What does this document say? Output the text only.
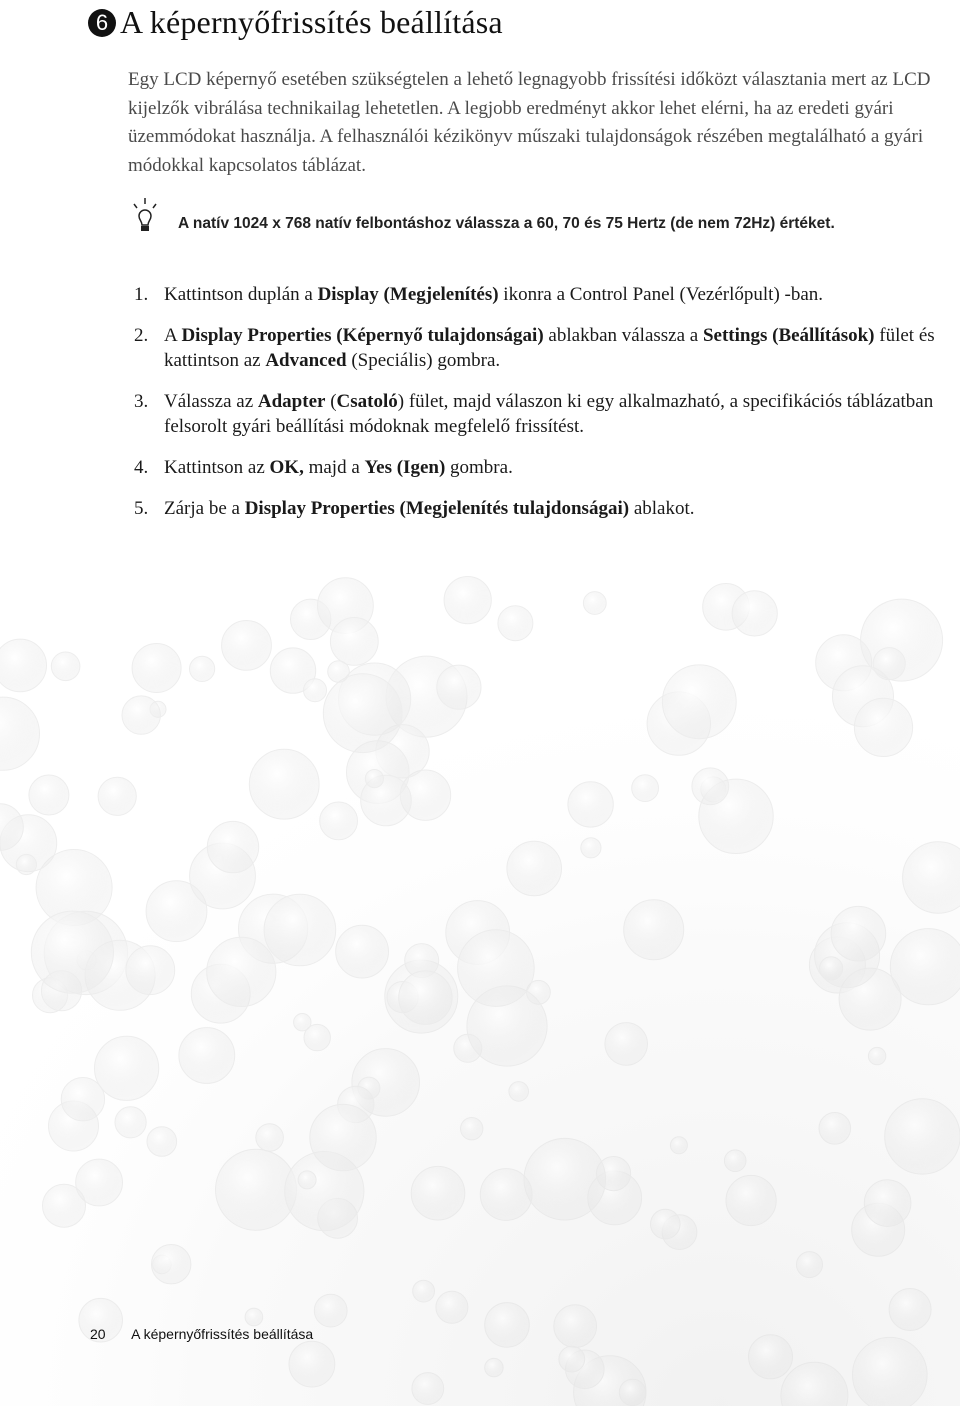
6 A képernyőfrissítés beállítása

Egy LCD képernyő esetében szükségtelen a lehető legnagyobb frissítési időközt választania mert az LCD kijelzők vibrálása technikailag lehetetlen. A legjobb eredményt akkor lehet elérni, ha az eredeti gyári üzemmódokat használja. A felhasználói kézikönyv műszaki tulajdonságok részében megtalálható a gyári módokkal kapcsolatos táblázat.

A natív 1024 x 768 natív felbontáshoz válassza a 60, 70 és 75 Hertz (de nem 72Hz) értéket.
1. Kattintson duplán a Display (Megjelenítés) ikonra a Control Panel (Vezérlőpult) -ban.
2. A Display Properties (Képernyő tulajdonságai) ablakban válassza a Settings (Beállítások) fület és kattintson az Advanced (Speciális) gombra.
3. Válassza az Adapter (Csatoló) fület, majd válaszon ki egy alkalmazható, a specifikációs táblázatban felsorolt gyári beállítási módoknak megfelelő frissítést.
4. Kattintson az OK, majd a Yes (Igen) gombra.
5. Zárja be a Display Properties (Megjelenítés tulajdonságai) ablakot.
20 A képernyőfrissítés beállítása
